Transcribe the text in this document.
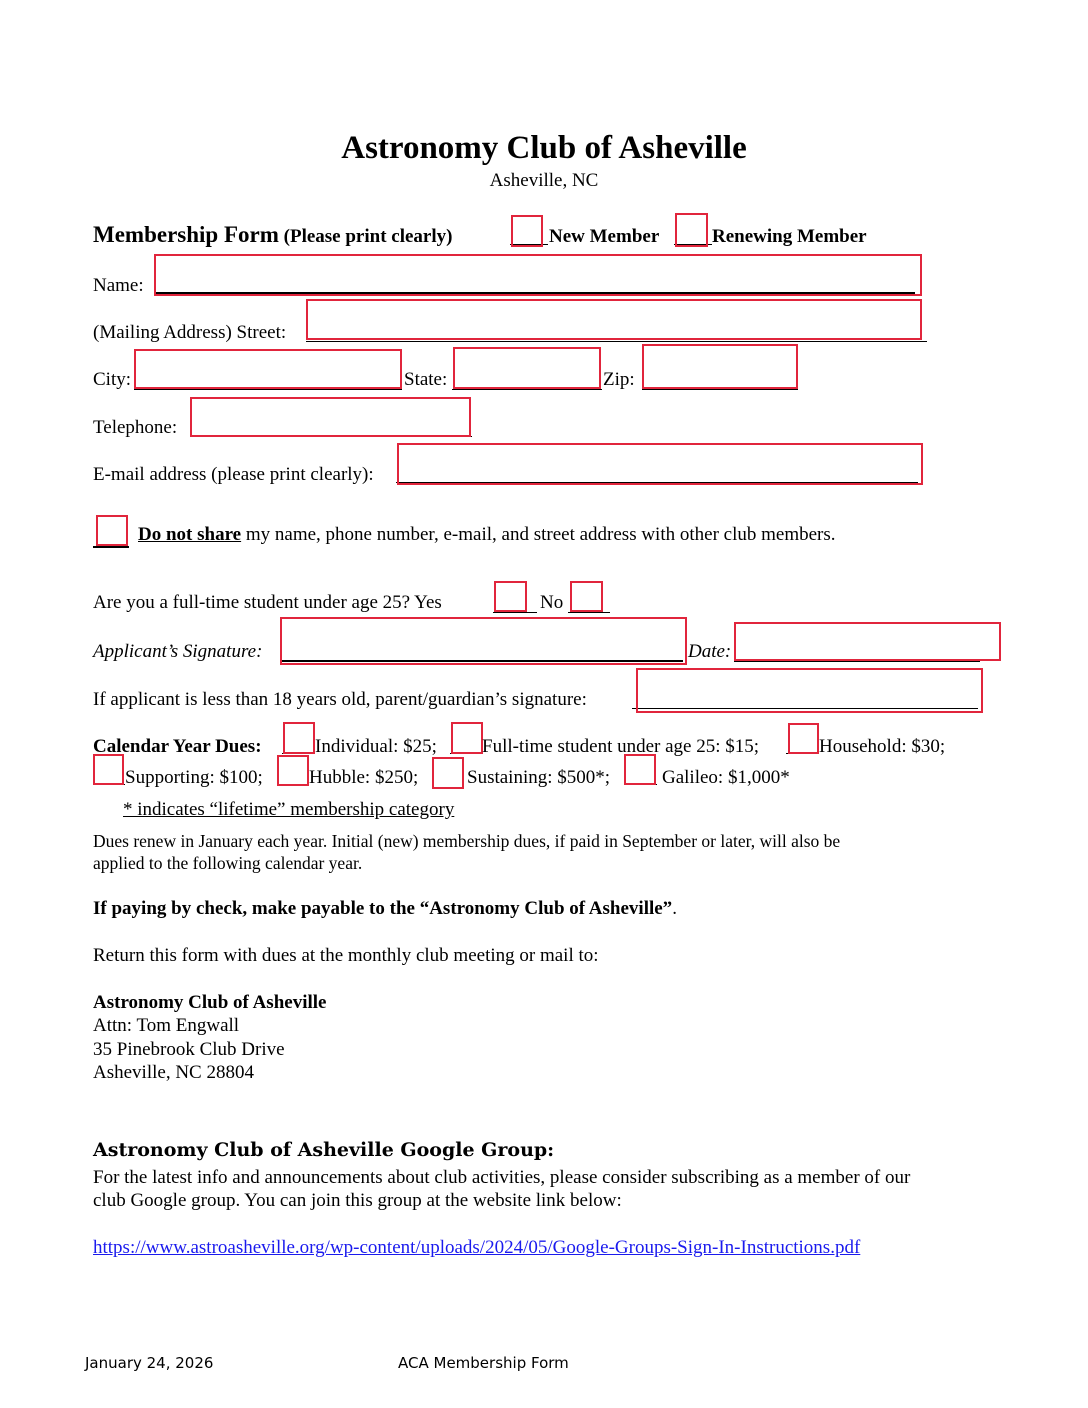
Astronomy Club of Asheville
Asheville, NC
Membership Form (Please print clearly)	New Member	Renewing Member
Name:
(Mailing Address) Street:
City:	State:	Zip:
Telephone:
E-mail address (please print clearly):
Do not share my name, phone number, e-mail, and street address with other club members.
Are you a full-time student under age 25? Yes	No
Applicant’s Signature:	Date:
If applicant is less than 18 years old, parent/guardian’s signature:
Calendar Year Dues:	Individual: $25; Full-time student under age 25: $15;	Household: $30;
Supporting: $100; Hubble: $250;	Sustaining: $500*;	Galileo: $1,000*
* indicates “lifetime” membership category
Dues renew in January each year. Initial (new) membership dues, if paid in September or later, will also be
applied to the following calendar year.
If paying by check, make payable to the “Astronomy Club of Asheville”.
Return this form with dues at the monthly club meeting or mail to:
Astronomy Club of Asheville
Attn: Tom Engwall
35 Pinebrook Club Drive
Asheville, NC 28804
Astronomy Club of Asheville Google Group:
For the latest info and announcements about club activities, please consider subscribing as a member of our
club Google group. You can join this group at the website link below:
https://www.astroasheville.org/wp-content/uploads/2024/05/Google-Groups-Sign-In-Instructions.pdf
January 24, 2026	ACA Membership Form
